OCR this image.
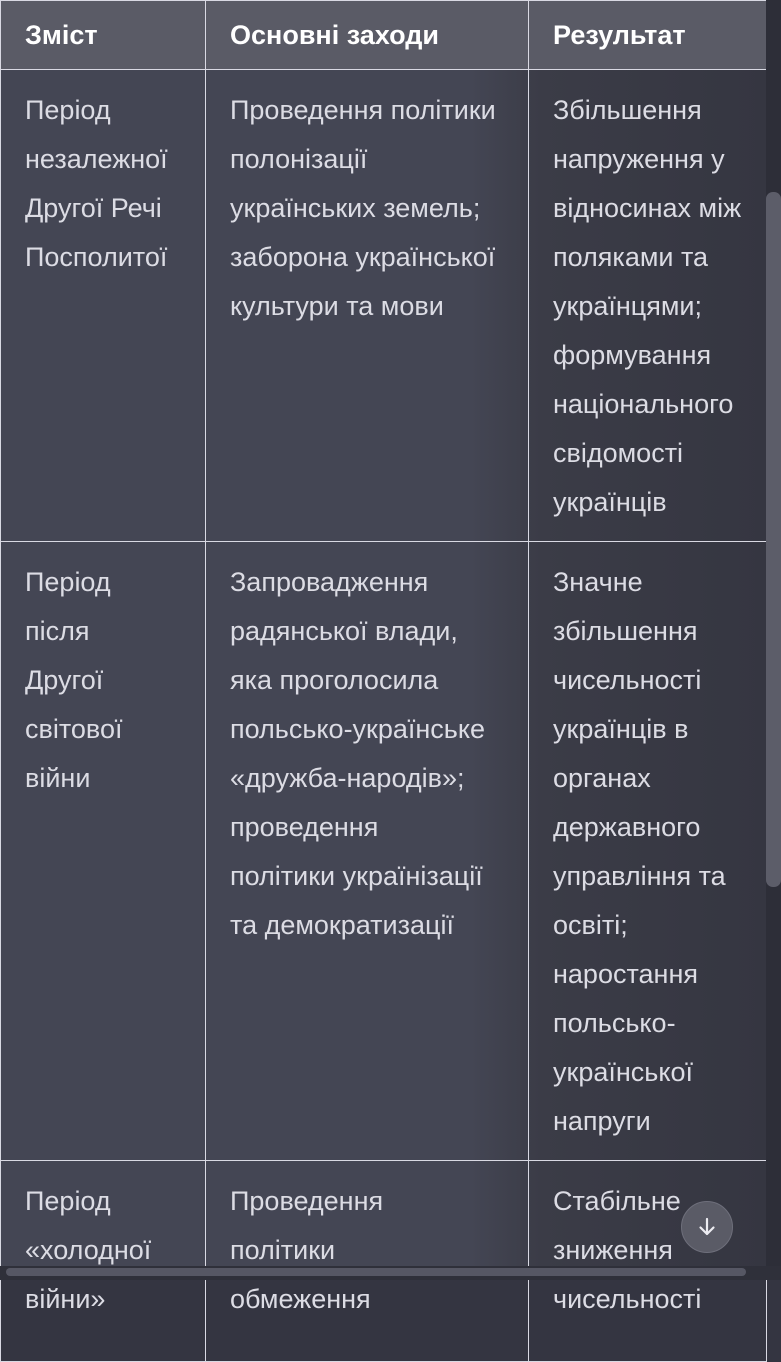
Зміст	Основні заходи	Результат

Період незалежної Другої Речі Посполитої	Проведення політики полонізації українських земель; заборона української культури та мови	Збільшення напруження у відносинах між поляками та українцями; формування національного свідомості українців

Період після Другої світової війни	Запровадження радянської влади, яка проголосила польсько-українське «дружба-народів»; проведення політики українізації та демократизації	Значне збільшення чисельності українців в органах державного управління та освіті; наростання польсько-української напруги

Період «холодної війни»	Проведення політики обмеження	Стабільне зниження чисельності
